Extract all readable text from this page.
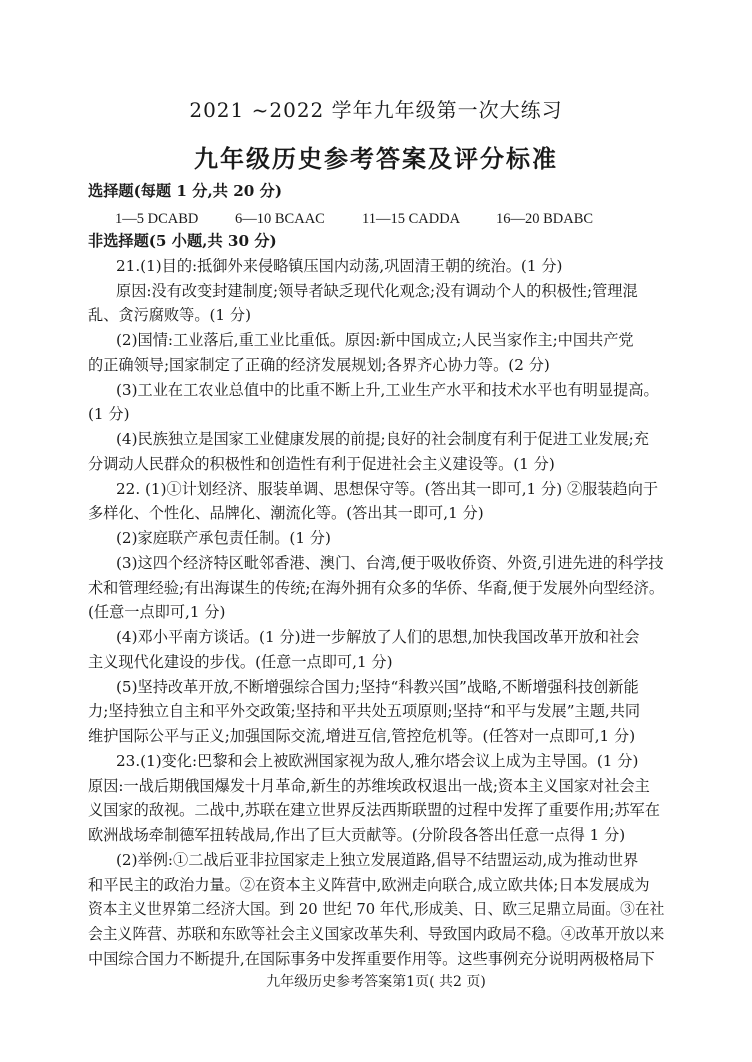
2021 ~2022 学年九年级第一次大练习
九年级历史参考答案及评分标准
选择题(每题 1 分,共 20 分)
1—5 DCABD	6—10 BCAAC	11—15 CADDA 16—20 BDABC
非选择题(5 小题,共 30 分)
21.(1)目的:抵御外来侵略镇压国内动荡,巩固清王朝的统治。(1 分)
原因:没有改变封建制度;领导者缺乏现代化观念;没有调动个人的积极性;管理混
乱、贪污腐败等。(1 分)
(2)国情:工业落后,重工业比重低。原因:新中国成立;人民当家作主;中国共产党
的正确领导;国家制定了正确的经济发展规划;各界齐心协力等。(2 分)
(3)工业在工农业总值中的比重不断上升,工业生产水平和技术水平也有明显提高。
(1 分)
(4)民族独立是国家工业健康发展的前提;良好的社会制度有利于促进工业发展;充
分调动人民群众的积极性和创造性有利于促进社会主义建设等。(1 分)
22. (1)①计划经济、服装单调、思想保守等。(答出其一即可,1 分) ②服装趋向于
多样化、个性化、品牌化、潮流化等。(答出其一即可,1 分)
(2)家庭联产承包责任制。(1 分)
(3)这四个经济特区毗邻香港、澳门、台湾,便于吸收侨资、外资,引进先进的科学技
术和管理经验;有出海谋生的传统;在海外拥有众多的华侨、华裔,便于发展外向型经济。
(任意一点即可,1 分)
(4)邓小平南方谈话。(1 分)进一步解放了人们的思想,加快我国改革开放和社会
主义现代化建设的步伐。(任意一点即可,1 分)
(5)坚持改革开放,不断增强综合国力;坚持“科教兴国”战略,不断增强科技创新能
力;坚持独立自主和平外交政策;坚持和平共处五项原则;坚持“和平与发展”主题,共同
维护国际公平与正义;加强国际交流,增进互信,管控危机等。(任答对一点即可,1 分)
23.(1)变化:巴黎和会上被欧洲国家视为敌人,雅尔塔会议上成为主导国。(1 分)
原因:一战后期俄国爆发十月革命,新生的苏维埃政权退出一战;资本主义国家对社会主
义国家的敌视。二战中,苏联在建立世界反法西斯联盟的过程中发挥了重要作用;苏军在
欧洲战场牵制德军扭转战局,作出了巨大贡献等。(分阶段各答出任意一点得 1 分)
(2)举例:①二战后亚非拉国家走上独立发展道路,倡导不结盟运动,成为推动世界
和平民主的政治力量。②在资本主义阵营中,欧洲走向联合,成立欧共体;日本发展成为
资本主义世界第二经济大国。到 20 世纪 70 年代,形成美、日、欧三足鼎立局面。③在社
会主义阵营、苏联和东欧等社会主义国家改革失利、导致国内政局不稳。④改革开放以来
中国综合国力不断提升,在国际事务中发挥重要作用等。这些事例充分说明两极格局下
九年级历史参考答案第1页( 共2 页)
